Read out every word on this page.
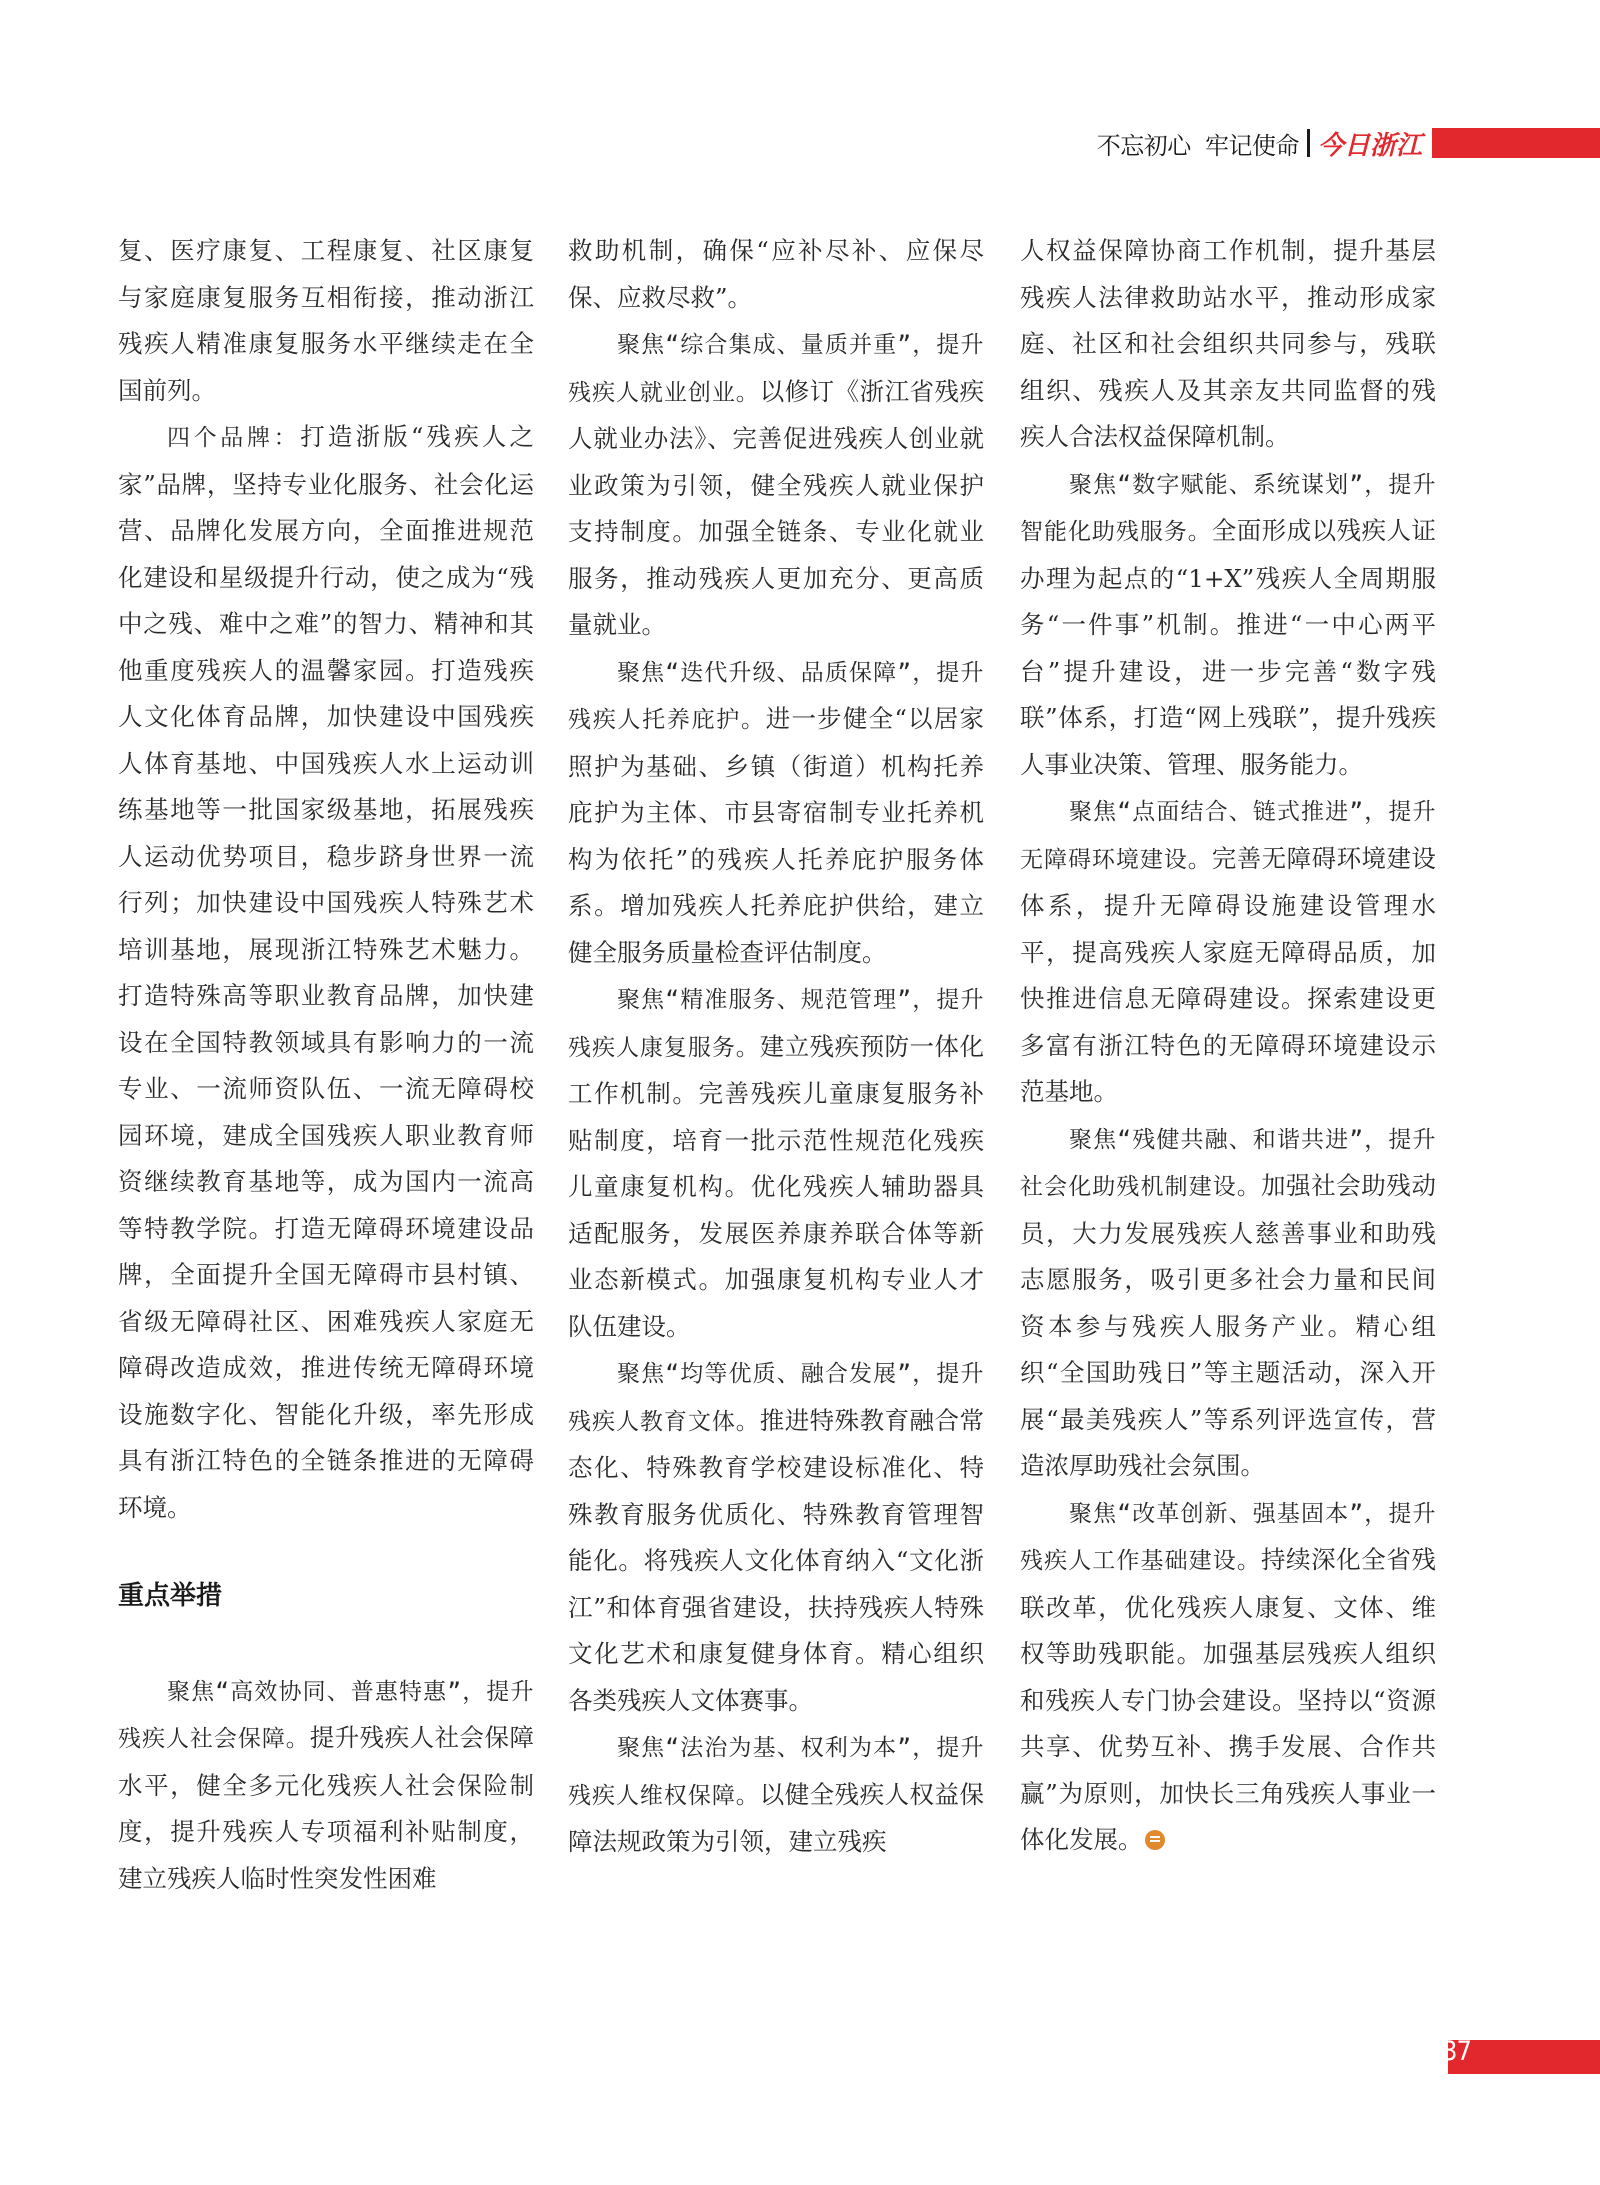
不忘初心  牢记使命 今日浙江

复、医疗康复、工程康复、社区康复与家庭康复服务互相衔接，推动浙江残疾人精准康复服务水平继续走在全国前列。

四个品牌：打造浙版“残疾人之家”品牌，坚持专业化服务、社会化运营、品牌化发展方向，全面推进规范化建设和星级提升行动，使之成为“残中之残、难中之难”的智力、精神和其他重度残疾人的温馨家园。打造残疾人文化体育品牌，加快建设中国残疾人体育基地、中国残疾人水上运动训练基地等一批国家级基地，拓展残疾人运动优势项目，稳步跻身世界一流行列；加快建设中国残疾人特殊艺术培训基地，展现浙江特殊艺术魅力。打造特殊高等职业教育品牌，加快建设在全国特教领域具有影响力的一流专业、一流师资队伍、一流无障碍校园环境，建成全国残疾人职业教育师资继续教育基地等，成为国内一流高等特教学院。打造无障碍环境建设品牌，全面提升全国无障碍市县村镇、省级无障碍社区、困难残疾人家庭无障碍改造成效，推进传统无障碍环境设施数字化、智能化升级，率先形成具有浙江特色的全链条推进的无障碍环境。

重点举措

聚焦“高效协同、普惠特惠”，提升残疾人社会保障。提升残疾人社会保障水平，健全多元化残疾人社会保险制度，提升残疾人专项福利补贴制度，建立残疾人临时性突发性困难

救助机制，确保“应补尽补、应保尽保、应救尽救”。

聚焦“综合集成、量质并重”，提升残疾人就业创业。以修订《浙江省残疾人就业办法》、完善促进残疾人创业就业政策为引领，健全残疾人就业保护支持制度。加强全链条、专业化就业服务，推动残疾人更加充分、更高质量就业。

聚焦“迭代升级、品质保障”，提升残疾人托养庇护。进一步健全“以居家照护为基础、乡镇（街道）机构托养庇护为主体、市县寄宿制专业托养机构为依托”的残疾人托养庇护服务体系。增加残疾人托养庇护供给，建立健全服务质量检查评估制度。

聚焦“精准服务、规范管理”，提升残疾人康复服务。建立残疾预防一体化工作机制。完善残疾儿童康复服务补贴制度，培育一批示范性规范化残疾儿童康复机构。优化残疾人辅助器具适配服务，发展医养康养联合体等新业态新模式。加强康复机构专业人才队伍建设。

聚焦“均等优质、融合发展”，提升残疾人教育文体。推进特殊教育融合常态化、特殊教育学校建设标准化、特殊教育服务优质化、特殊教育管理智能化。将残疾人文化体育纳入“文化浙江”和体育强省建设，扶持残疾人特殊文化艺术和康复健身体育。精心组织各类残疾人文体赛事。

聚焦“法治为基、权利为本”，提升残疾人维权保障。以健全残疾人权益保障法规政策为引领，建立残疾

人权益保障协商工作机制，提升基层残疾人法律救助站水平，推动形成家庭、社区和社会组织共同参与，残联组织、残疾人及其亲友共同监督的残疾人合法权益保障机制。

聚焦“数字赋能、系统谋划”，提升智能化助残服务。全面形成以残疾人证办理为起点的“1+X”残疾人全周期服务“一件事”机制。推进“一中心两平台”提升建设，进一步完善“数字残联”体系，打造“网上残联”，提升残疾人事业决策、管理、服务能力。

聚焦“点面结合、链式推进”，提升无障碍环境建设。完善无障碍环境建设体系，提升无障碍设施建设管理水平，提高残疾人家庭无障碍品质，加快推进信息无障碍建设。探索建设更多富有浙江特色的无障碍环境建设示范基地。

聚焦“残健共融、和谐共进”，提升社会化助残机制建设。加强社会助残动员，大力发展残疾人慈善事业和助残志愿服务，吸引更多社会力量和民间资本参与残疾人服务产业。精心组织“全国助残日”等主题活动，深入开展“最美残疾人”等系列评选宣传，营造浓厚助残社会氛围。

聚焦“改革创新、强基固本”，提升残疾人工作基础建设。持续深化全省残联改革，优化残疾人康复、文体、维权等助残职能。加强基层残疾人组织和残疾人专门协会建设。坚持以“资源共享、优势互补、携手发展、合作共赢”为原则，加快长三角残疾人事业一体化发展。

37
